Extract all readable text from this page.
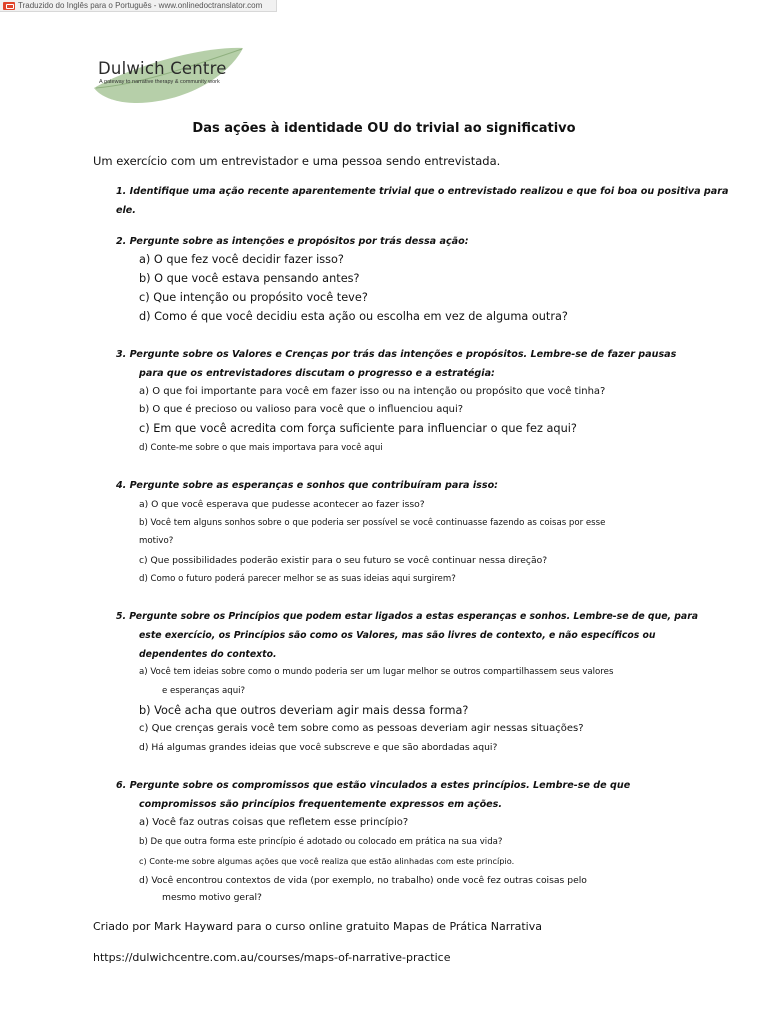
Traduzido do Inglês para o Português - www.onlinedoctranslator.com
Dulwich Centre
A gateway to narrative therapy & community work
Das ações à identidade OU do trivial ao significativo
Um exercício com um entrevistador e uma pessoa sendo entrevistada.
1. Identifique uma ação recente aparentemente trivial que o entrevistado realizou e que foi boa ou positiva para
ele.
2. Pergunte sobre as intenções e propósitos por trás dessa ação:
a) O que fez você decidir fazer isso?
b) O que você estava pensando antes?
c) Que intenção ou propósito você teve?
d) Como é que você decidiu esta ação ou escolha em vez de alguma outra?
3. Pergunte sobre os Valores e Crenças por trás das intenções e propósitos. Lembre-se de fazer pausas
para que os entrevistadores discutam o progresso e a estratégia:
a) O que foi importante para você em fazer isso ou na intenção ou propósito que você tinha?
b) O que é precioso ou valioso para você que o influenciou aqui?
c) Em que você acredita com força suficiente para influenciar o que fez aqui?
d) Conte-me sobre o que mais importava para você aqui
4. Pergunte sobre as esperanças e sonhos que contribuíram para isso:
a) O que você esperava que pudesse acontecer ao fazer isso?
b) Você tem alguns sonhos sobre o que poderia ser possível se você continuasse fazendo as coisas por esse
motivo?
c) Que possibilidades poderão existir para o seu futuro se você continuar nessa direção?
d) Como o futuro poderá parecer melhor se as suas ideias aqui surgirem?
5. Pergunte sobre os Princípios que podem estar ligados a estas esperanças e sonhos. Lembre-se de que, para
este exercício, os Princípios são como os Valores, mas são livres de contexto, e não específicos ou
dependentes do contexto.
a) Você tem ideias sobre como o mundo poderia ser um lugar melhor se outros compartilhassem seus valores
e esperanças aqui?
b) Você acha que outros deveriam agir mais dessa forma?
c) Que crenças gerais você tem sobre como as pessoas deveriam agir nessas situações?
d) Há algumas grandes ideias que você subscreve e que são abordadas aqui?
6. Pergunte sobre os compromissos que estão vinculados a estes princípios. Lembre-se de que
compromissos são princípios frequentemente expressos em ações.
a) Você faz outras coisas que refletem esse princípio?
b) De que outra forma este princípio é adotado ou colocado em prática na sua vida?
c) Conte-me sobre algumas ações que você realiza que estão alinhadas com este princípio.
d) Você encontrou contextos de vida (por exemplo, no trabalho) onde você fez outras coisas pelo
mesmo motivo geral?
Criado por Mark Hayward para o curso online gratuito Mapas de Prática Narrativa
https://dulwichcentre.com.au/courses/maps-of-narrative-practice
